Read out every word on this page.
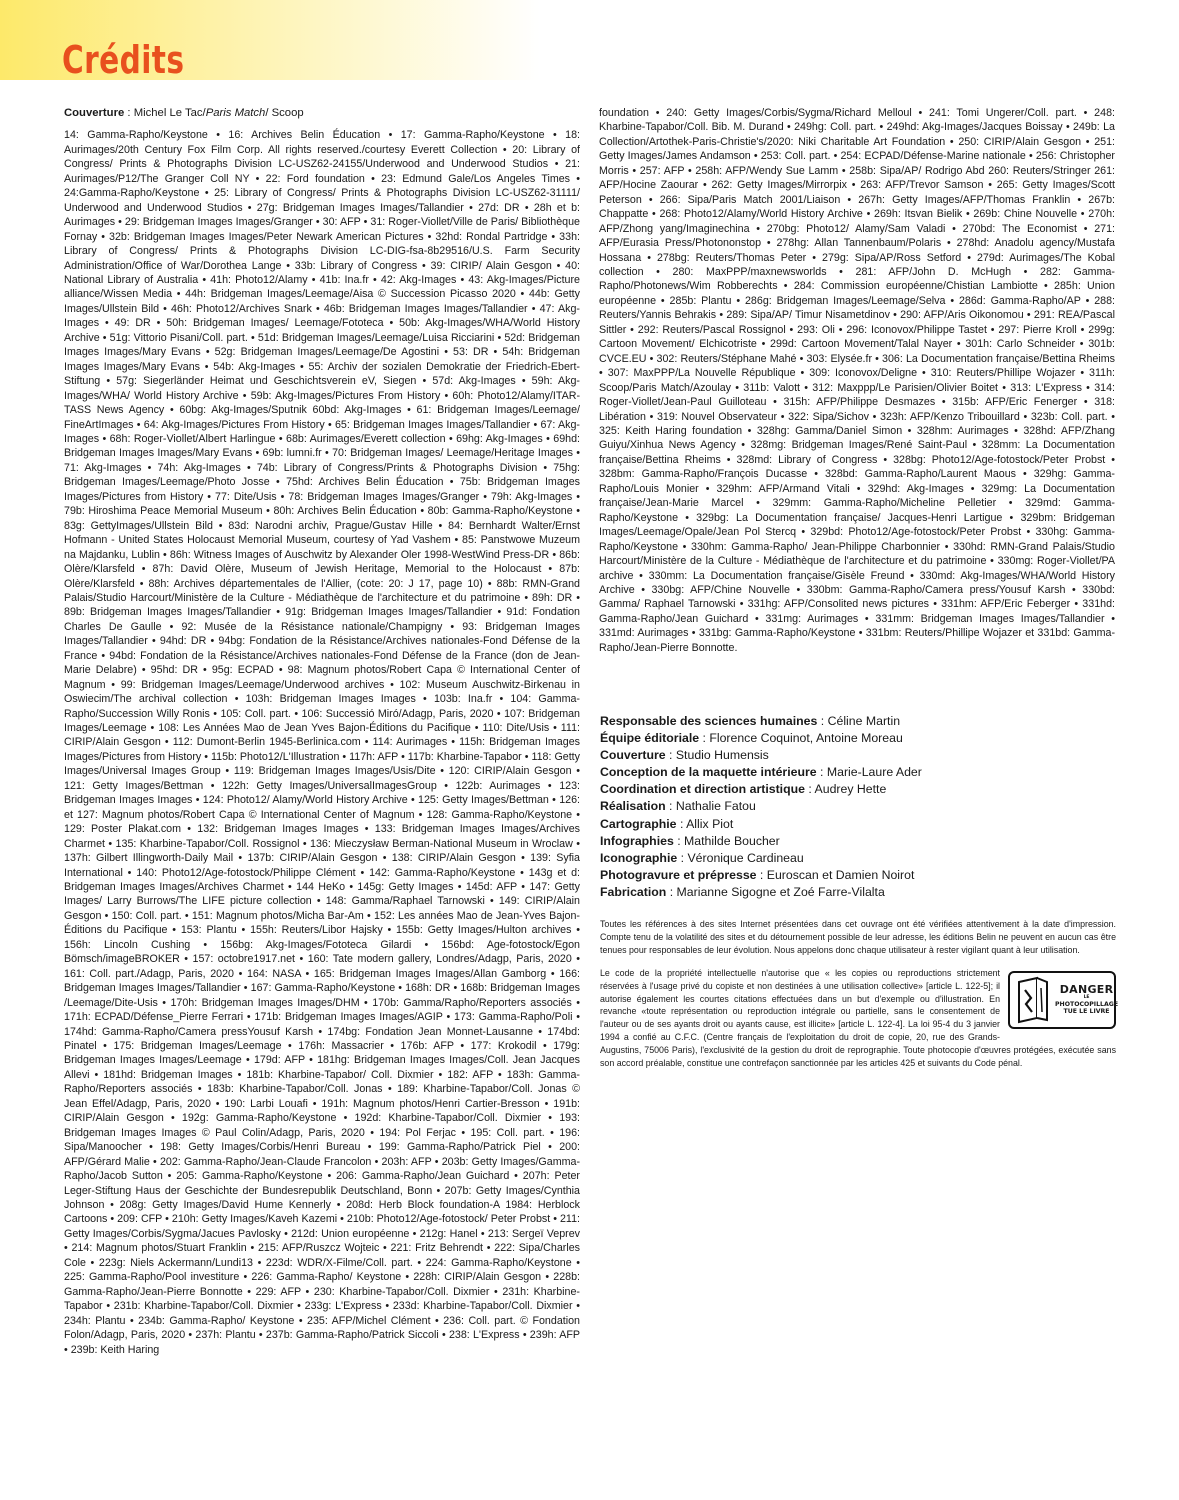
Crédits

Couverture : Michel Le Tac/Paris Match/ Scoop

14: Gamma-Rapho/Keystone • 16: Archives Belin Éducation • 17: Gamma-Rapho/Keystone • 18: Aurimages/20th Century Fox Film Corp. All rights reserved./courtesy Everett Collection • 20: Library of Congress/ Prints & Photographs Division LC-USZ62-24155/Underwood and Underwood Studios • 21: Aurimages/P12/The Granger Coll NY • 22: Ford foundation • 23: Edmund Gale/Los Angeles Times • 24:Gamma-Rapho/Keystone • 25: Library of Congress/ Prints & Photographs Division LC-USZ62-31111/ Underwood and Underwood Studios • 27g: Bridgeman Images Images/Tallandier • 27d: DR • 28h et b: Aurimages • 29: Bridgeman Images Images/Granger • 30: AFP • 31: Roger-Viollet/Ville de Paris/ Bibliothèque Fornay • 32b: Bridgeman Images Images/Peter Newark American Pictures • 32hd: Rondal Partridge • 33h: Library of Congress/ Prints & Photographs Division LC-DIG-fsa-8b29516/U.S. Farm Security Administration/Office of War/Dorothea Lange • 33b: Library of Congress • 39: CIRIP/ Alain Gesgon • 40: National Library of Australia • 41h: Photo12/Alamy • 41b: Ina.fr • 42: Akg-Images • 43: Akg-Images/Picture alliance/Wissen Media • 44h: Bridgeman Images/Leemage/Aisa © Succession Picasso 2020 • 44b: Getty Images/Ullstein Bild • 46h: Photo12/Archives Snark • 46b: Bridgeman Images Images/Tallandier • 47: Akg-Images • 49: DR • 50h: Bridgeman Images/ Leemage/Fototeca • 50b: Akg-Images/WHA/World History Archive • 51g: Vittorio Pisani/Coll. part. • 51d: Bridgeman Images/Leemage/Luisa Ricciarini • 52d: Bridgeman Images Images/Mary Evans • 52g: Bridgeman Images/Leemage/De Agostini • 53: DR • 54h: Bridgeman Images Images/Mary Evans • 54b: Akg-Images • 55: Archiv der sozialen Demokratie der Friedrich-Ebert-Stiftung • 57g: Siegerländer Heimat und Geschichtsverein eV, Siegen • 57d: Akg-Images • 59h: Akg-Images/WHA/ World History Archive • 59b: Akg-Images/Pictures From History • 60h: Photo12/Alamy/ITAR-TASS News Agency • 60bg: Akg-Images/Sputnik 60bd: Akg-Images • 61: Bridgeman Images/Leemage/ FineArtImages • 64: Akg-Images/Pictures From History • 65: Bridgeman Images Images/Tallandier • 67: Akg-Images • 68h: Roger-Viollet/Albert Harlingue • 68b: Aurimages/Everett collection • 69hg: Akg-Images • 69hd: Bridgeman Images Images/Mary Evans • 69b: lumni.fr • 70: Bridgeman Images/ Leemage/Heritage Images • 71: Akg-Images • 74h: Akg-Images • 74b: Library of Congress/Prints & Photographs Division • 75hg: Bridgeman Images/Leemage/Photo Josse • 75hd: Archives Belin Éducation • 75b: Bridgeman Images Images/Pictures from History • 77: Dite/Usis • 78: Bridgeman Images Images/Granger • 79h: Akg-Images • 79b: Hiroshima Peace Memorial Museum • 80h: Archives Belin Éducation • 80b: Gamma-Rapho/Keystone • 83g: GettyImages/Ullstein Bild • 83d: Narodni archiv, Prague/Gustav Hille • 84: Bernhardt Walter/Ernst Hofmann - United States Holocaust Memorial Museum, courtesy of Yad Vashem • 85: Panstwowe Muzeum na Majdanku, Lublin • 86h: Witness Images of Auschwitz by Alexander Oler 1998-WestWind Press-DR • 86b: Olère/Klarsfeld • 87h: David Olère, Museum of Jewish Heritage, Memorial to the Holocaust • 87b: Olère/Klarsfeld • 88h: Archives départementales de l'Allier, (cote: 20: J 17, page 10) • 88b: RMN-Grand Palais/Studio Harcourt/Ministère de la Culture - Médiathèque de l'architecture et du patrimoine • 89h: DR • 89b: Bridgeman Images Images/Tallandier • 91g: Bridgeman Images Images/Tallandier • 91d: Fondation Charles De Gaulle • 92: Musée de la Résistance nationale/Champigny • 93: Bridgeman Images Images/Tallandier • 94hd: DR • 94bg: Fondation de la Résistance/Archives nationales-Fond Défense de la France • 94bd: Fondation de la Résistance/Archives nationales-Fond Défense de la France (don de Jean-Marie Delabre) • 95hd: DR • 95g: ECPAD • 98: Magnum photos/Robert Capa © International Center of Magnum • 99: Bridgeman Images/Leemage/Underwood archives • 102: Museum Auschwitz-Birkenau in Oswiecim/The archival collection • 103h: Bridgeman Images Images • 103b: Ina.fr • 104: Gamma-Rapho/Succession Willy Ronis • 105: Coll. part. • 106: Successió Miró/Adagp, Paris, 2020 • 107: Bridgeman Images/Leemage • 108: Les Années Mao de Jean Yves Bajon-Éditions du Pacifique • 110: Dite/Usis • 111: CIRIP/Alain Gesgon • 112: Dumont-Berlin 1945-Berlinica.com • 114: Aurimages • 115h: Bridgeman Images Images/Pictures from History • 115b: Photo12/L'Illustration • 117h: AFP • 117b: Kharbine-Tapabor • 118: Getty Images/Universal Images Group • 119: Bridgeman Images Images/Usis/Dite • 120: CIRIP/Alain Gesgon • 121: Getty Images/Bettman • 122h: Getty Images/UniversalImagesGroup • 122b: Aurimages • 123: Bridgeman Images Images • 124: Photo12/ Alamy/World History Archive • 125: Getty Images/Bettman • 126: et 127: Magnum photos/Robert Capa © International Center of Magnum • 128: Gamma-Rapho/Keystone • 129: Poster Plakat.com • 132: Bridgeman Images Images • 133: Bridgeman Images Images/Archives Charmet • 135: Kharbine-Tapabor/Coll. Rossignol • 136: Mieczysław Berman-National Museum in Wroclaw • 137h: Gilbert Illingworth-Daily Mail • 137b: CIRIP/Alain Gesgon • 138: CIRIP/Alain Gesgon • 139: Syfia International • 140: Photo12/Age-fotostock/Philippe Clément • 142: Gamma-Rapho/Keystone • 143g et d: Bridgeman Images Images/Archives Charmet • 144 HeKo • 145g: Getty Images • 145d: AFP • 147: Getty Images/ Larry Burrows/The LIFE picture collection • 148: Gamma/Raphael Tarnowski • 149: CIRIP/Alain Gesgon • 150: Coll. part. • 151: Magnum photos/Micha Bar-Am • 152: Les années Mao de Jean-Yves Bajon-Éditions du Pacifique • 153: Plantu • 155h: Reuters/Libor Hajsky • 155b: Getty Images/Hulton archives • 156h: Lincoln Cushing • 156bg: Akg-Images/Fototeca Gilardi • 156bd: Age-fotostock/Egon Bömsch/imageBROKER • 157: octobre1917.net • 160: Tate modern gallery, Londres/Adagp, Paris, 2020 • 161: Coll. part./Adagp, Paris, 2020 • 164: NASA • 165: Bridgeman Images Images/Allan Gamborg • 166: Bridgeman Images Images/Tallandier • 167: Gamma-Rapho/Keystone • 168h: DR • 168b: Bridgeman Images /Leemage/Dite-Usis • 170h: Bridgeman Images Images/DHM • 170b: Gamma/Rapho/Reporters associés • 171h: ECPAD/Défense_Pierre Ferrari • 171b: Bridgeman Images Images/AGIP • 173: Gamma-Rapho/Poli • 174hd: Gamma-Rapho/Camera pressYousuf Karsh • 174bg: Fondation Jean Monnet-Lausanne • 174bd: Pinatel • 175: Bridgeman Images/Leemage • 176h: Massacrier • 176b: AFP • 177: Krokodil • 179g: Bridgeman Images Images/Leemage • 179d: AFP • 181hg: Bridgeman Images Images/Coll. Jean Jacques Allevi • 181hd: Bridgeman Images • 181b: Kharbine-Tapabor/ Coll. Dixmier • 182: AFP • 183h: Gamma-Rapho/Reporters associés • 183b: Kharbine-Tapabor/Coll. Jonas • 189: Kharbine-Tapabor/Coll. Jonas © Jean Effel/Adagp, Paris, 2020 • 190: Larbi Louafi • 191h: Magnum photos/Henri Cartier-Bresson • 191b: CIRIP/Alain Gesgon • 192g: Gamma-Rapho/Keystone • 192d: Kharbine-Tapabor/Coll. Dixmier • 193: Bridgeman Images Images © Paul Colin/Adagp, Paris, 2020 • 194: Pol Ferjac • 195: Coll. part. • 196: Sipa/Manoocher • 198: Getty Images/Corbis/Henri Bureau • 199: Gamma-Rapho/Patrick Piel • 200: AFP/Gérard Malie • 202: Gamma-Rapho/Jean-Claude Francolon • 203h: AFP • 203b: Getty Images/Gamma-Rapho/Jacob Sutton • 205: Gamma-Rapho/Keystone • 206: Gamma-Rapho/Jean Guichard • 207h: Peter Leger-Stiftung Haus der Geschichte der Bundesrepublik Deutschland, Bonn • 207b: Getty Images/Cynthia Johnson • 208g: Getty Images/David Hume Kennerly • 208d: Herb Block foundation-A 1984: Herblock Cartoons • 209: CFP • 210h: Getty Images/Kaveh Kazemi • 210b: Photo12/Age-fotostock/ Peter Probst • 211: Getty Images/Corbis/Sygma/Jacues Pavlosky • 212d: Union européenne • 212g: Hanel • 213: Sergeï Veprev • 214: Magnum photos/Stuart Franklin • 215: AFP/Ruszcz Wojteic • 221: Fritz Behrendt • 222: Sipa/Charles Cole • 223g: Niels Ackermann/Lundi13 • 223d: WDR/X-Filme/Coll. part. • 224: Gamma-Rapho/Keystone • 225: Gamma-Rapho/Pool investiture • 226: Gamma-Rapho/ Keystone • 228h: CIRIP/Alain Gesgon • 228b: Gamma-Rapho/Jean-Pierre Bonnotte • 229: AFP • 230: Kharbine-Tapabor/Coll. Dixmier • 231h: Kharbine-Tapabor • 231b: Kharbine-Tapabor/Coll. Dixmier • 233g: L'Express • 233d: Kharbine-Tapabor/Coll. Dixmier • 234h: Plantu • 234b: Gamma-Rapho/ Keystone • 235: AFP/Michel Clément • 236: Coll. part. © Fondation Folon/Adagp, Paris, 2020 • 237h: Plantu • 237b: Gamma-Rapho/Patrick Siccoli • 238: L'Express • 239h: AFP • 239b: Keith Haring

foundation • 240: Getty Images/Corbis/Sygma/Richard Melloul • 241: Tomi Ungerer/Coll. part. • 248: Kharbine-Tapabor/Coll. Bib. M. Durand • 249hg: Coll. part. • 249hd: Akg-Images/Jacques Boissay • 249b: La Collection/Artothek-Paris-Christie's/2020: Niki Charitable Art Foundation • 250: CIRIP/Alain Gesgon • 251: Getty Images/James Andamson • 253: Coll. part. • 254: ECPAD/Défense-Marine nationale • 256: Christopher Morris • 257: AFP • 258h: AFP/Wendy Sue Lamm • 258b: Sipa/AP/ Rodrigo Abd 260: Reuters/Stringer 261: AFP/Hocine Zaourar • 262: Getty Images/Mirrorpix • 263: AFP/Trevor Samson • 265: Getty Images/Scott Peterson • 266: Sipa/Paris Match 2001/Liaison • 267h: Getty Images/AFP/Thomas Franklin • 267b: Chappatte • 268: Photo12/Alamy/World History Archive • 269h: Itsvan Bielik • 269b: Chine Nouvelle • 270h: AFP/Zhong yang/Imaginechina • 270bg: Photo12/ Alamy/Sam Valadi • 270bd: The Economist • 271: AFP/Eurasia Press/Photononstop • 278hg: Allan Tannenbaum/Polaris • 278hd: Anadolu agency/Mustafa Hossana • 278bg: Reuters/Thomas Peter • 279g: Sipa/AP/Ross Setford • 279d: Aurimages/The Kobal collection • 280: MaxPPP/maxnewsworlds • 281: AFP/John D. McHugh • 282: Gamma-Rapho/Photonews/Wim Robberechts • 284: Commission européenne/Chistian Lambiotte • 285h: Union européenne • 285b: Plantu • 286g: Bridgeman Images/Leemage/Selva • 286d: Gamma-Rapho/AP • 288: Reuters/Yannis Behrakis • 289: Sipa/AP/ Timur Nisametdinov • 290: AFP/Aris Oikonomou • 291: REA/Pascal Sittler • 292: Reuters/Pascal Rossignol • 293: Oli • 296: Iconovox/Philippe Tastet • 297: Pierre Kroll • 299g: Cartoon Movement/ Elchicotriste • 299d: Cartoon Movement/Talal Nayer • 301h: Carlo Schneider • 301b: CVCE.EU • 302: Reuters/Stéphane Mahé • 303: Elysée.fr • 306: La Documentation française/Bettina Rheims • 307: MaxPPP/La Nouvelle République • 309: Iconovox/Deligne • 310: Reuters/Phillipe Wojazer • 311h: Scoop/Paris Match/Azoulay • 311b: Valott • 312: Maxppp/Le Parisien/Olivier Boitet • 313: L'Express • 314: Roger-Viollet/Jean-Paul Guilloteau • 315h: AFP/Philippe Desmazes • 315b: AFP/Eric Fenerger • 318: Libération • 319: Nouvel Observateur • 322: Sipa/Sichov • 323h: AFP/Kenzo Tribouillard • 323b: Coll. part. • 325: Keith Haring foundation • 328hg: Gamma/Daniel Simon • 328hm: Aurimages • 328hd: AFP/Zhang Guiyu/Xinhua News Agency • 328mg: Bridgeman Images/René Saint-Paul • 328mm: La Documentation française/Bettina Rheims • 328md: Library of Congress • 328bg: Photo12/Age-fotostock/Peter Probst • 328bm: Gamma-Rapho/François Ducasse • 328bd: Gamma-Rapho/Laurent Maous • 329hg: Gamma-Rapho/Louis Monier • 329hm: AFP/Armand Vitali • 329hd: Akg-Images • 329mg: La Documentation française/Jean-Marie Marcel • 329mm: Gamma-Rapho/Micheline Pelletier • 329md: Gamma-Rapho/Keystone • 329bg: La Documentation française/ Jacques-Henri Lartigue • 329bm: Bridgeman Images/Leemage/Opale/Jean Pol Stercq • 329bd: Photo12/Age-fotostock/Peter Probst • 330hg: Gamma-Rapho/Keystone • 330hm: Gamma-Rapho/ Jean-Philippe Charbonnier • 330hd: RMN-Grand Palais/Studio Harcourt/Ministère de la Culture - Médiathèque de l'architecture et du patrimoine • 330mg: Roger-Viollet/PA archive • 330mm: La Documentation française/Gisèle Freund • 330md: Akg-Images/WHA/World History Archive • 330bg: AFP/Chine Nouvelle • 330bm: Gamma-Rapho/Camera press/Yousuf Karsh • 330bd: Gamma/ Raphael Tarnowski • 331hg: AFP/Consolited news pictures • 331hm: AFP/Eric Feberger • 331hd: Gamma-Rapho/Jean Guichard • 331mg: Aurimages • 331mm: Bridgeman Images Images/Tallandier • 331md: Aurimages • 331bg: Gamma-Rapho/Keystone • 331bm: Reuters/Phillipe Wojazer et 331bd: Gamma-Rapho/Jean-Pierre Bonnotte.

Responsable des sciences humaines : Céline Martin
Équipe éditoriale : Florence Coquinot, Antoine Moreau
Couverture : Studio Humensis
Conception de la maquette intérieure : Marie-Laure Ader
Coordination et direction artistique : Audrey Hette
Réalisation : Nathalie Fatou
Cartographie : Allix Piot
Infographies : Mathilde Boucher
Iconographie : Véronique Cardineau
Photogravure et prépresse : Euroscan et Damien Noirot
Fabrication : Marianne Sigogne et Zoé Farre-Vilalta

Toutes les références à des sites Internet présentées dans cet ouvrage ont été vérifiées attentivement à la date d'impression. Compte tenu de la volatilité des sites et du détournement possible de leur adresse, les éditions Belin ne peuvent en aucun cas être tenues pour responsables de leur évolution. Nous appelons donc chaque utilisateur à rester vigilant quant à leur utilisation.

DANGER
LE
PHOTOCOPILLAGE
TUE LE LIVRE

Le code de la propriété intellectuelle n'autorise que « les copies ou reproductions strictement réservées à l'usage privé du copiste et non destinées à une utilisation collective» [article L. 122-5]; il autorise également les courtes citations effectuées dans un but d'exemple ou d'illustration. En revanche «toute représentation ou reproduction intégrale ou partielle, sans le consentement de l'auteur ou de ses ayants droit ou ayants cause, est illicite» [article L. 122-4]. La loi 95-4 du 3 janvier 1994 a confié au C.F.C. (Centre français de l'exploitation du droit de copie, 20, rue des Grands-Augustins, 75006 Paris), l'exclusivité de la gestion du droit de reprographie. Toute photocopie d'œuvres protégées, exécutée sans son accord préalable, constitue une contrefaçon sanctionnée par les articles 425 et suivants du Code pénal.
